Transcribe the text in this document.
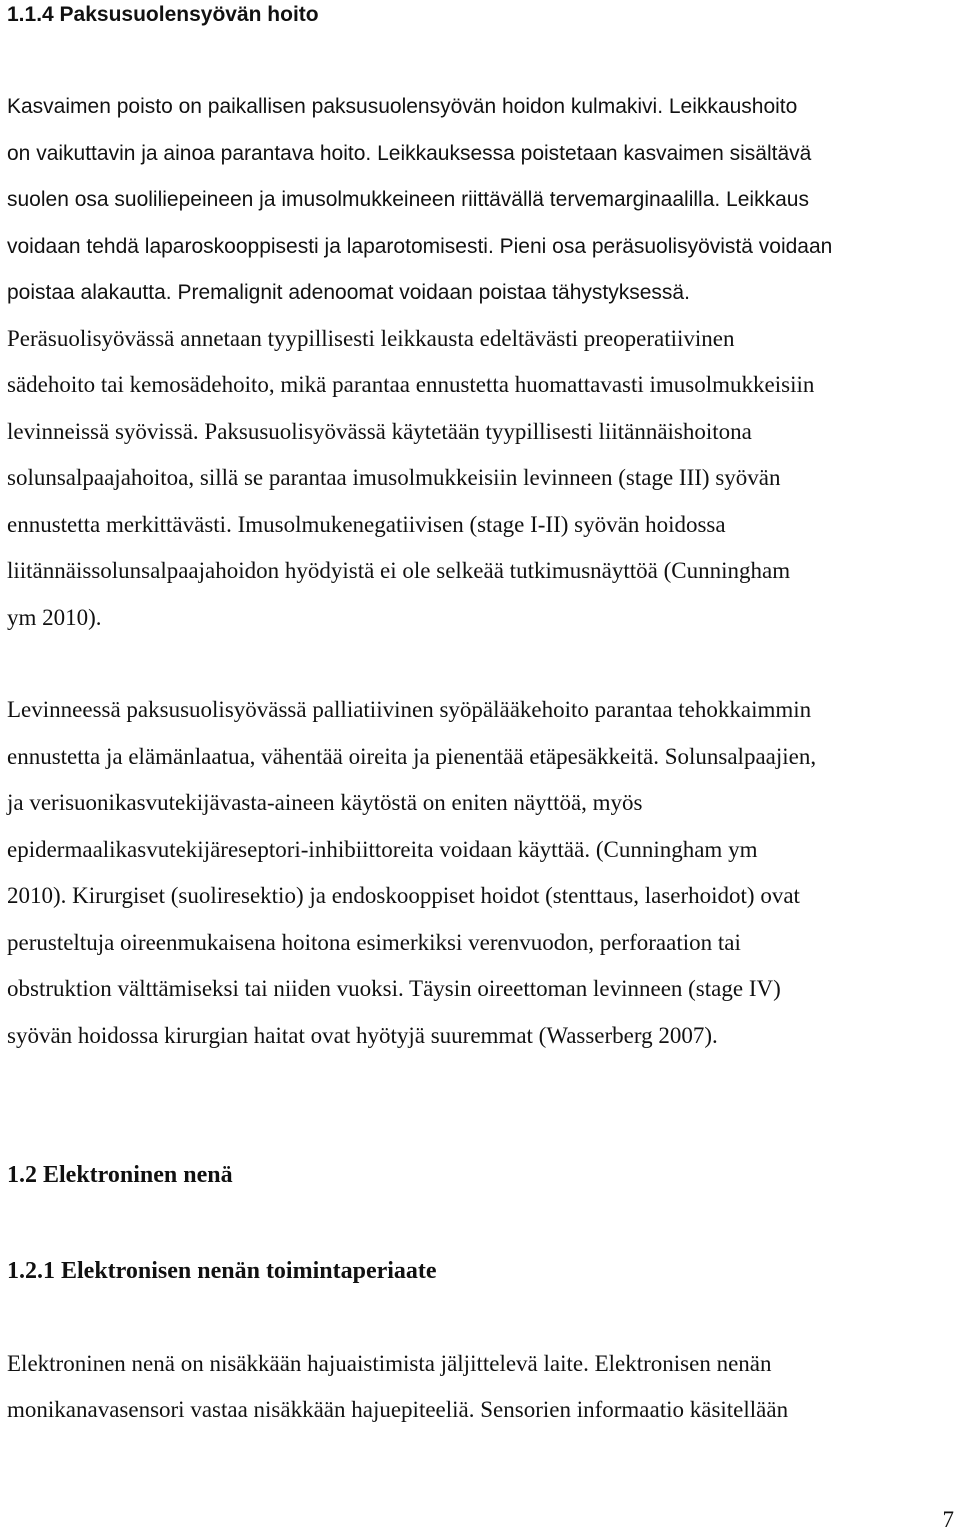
1.1.4 Paksusuolensyövän hoito

Kasvaimen poisto on paikallisen paksusuolensyövän hoidon kulmakivi. Leikkaushoito

on vaikuttavin ja ainoa parantava hoito. Leikkauksessa poistetaan kasvaimen sisältävä

suolen osa suoliliepeineen ja imusolmukkeineen riittävällä tervemarginaalilla. Leikkaus

voidaan tehdä laparoskooppisesti ja laparotomisesti. Pieni osa peräsuolisyövistä voidaan

poistaa alakautta. Premalignit adenoomat voidaan poistaa tähystyksessä.

Peräsuolisyövässä annetaan tyypillisesti leikkausta edeltävästi preoperatiivinen

sädehoito tai kemosädehoito, mikä parantaa ennustetta huomattavasti imusolmukkeisiin

levinneissä syövissä. Paksusuolisyövässä käytetään tyypillisesti liitännäishoitona

solunsalpaajahoitoa, sillä se parantaa imusolmukkeisiin levinneen (stage III) syövän

ennustetta merkittävästi. Imusolmukenegatiivisen (stage I-II) syövän hoidossa

liitännäissolunsalpaajahoidon hyödyistä ei ole selkeää tutkimusnäyttöä (Cunningham

ym 2010).

Levinneessä paksusuolisyövässä palliatiivinen syöpälääkehoito parantaa tehokkaimmin

ennustetta ja elämänlaatua, vähentää oireita ja pienentää etäpesäkkeitä. Solunsalpaajien,

ja verisuonikasvutekijävasta-aineen käytöstä on eniten näyttöä, myös

epidermaalikasvutekijäreseptori-inhibiittoreita voidaan käyttää. (Cunningham ym

2010). Kirurgiset (suoliresektio) ja endoskooppiset hoidot (stenttaus, laserhoidot) ovat

perusteltuja oireenmukaisena hoitona esimerkiksi verenvuodon, perforaation tai

obstruktion välttämiseksi tai niiden vuoksi. Täysin oireettoman levinneen (stage IV)

syövän hoidossa kirurgian haitat ovat hyötyjä suuremmat (Wasserberg 2007).

1.2 Elektroninen nenä
1.2.1 Elektronisen nenän toimintaperiaate

Elektroninen nenä on nisäkkään hajuaistimista jäljittelevä laite. Elektronisen nenän

monikanavasensori vastaa nisäkkään hajuepiteeliä. Sensorien informaatio käsitellään

7
